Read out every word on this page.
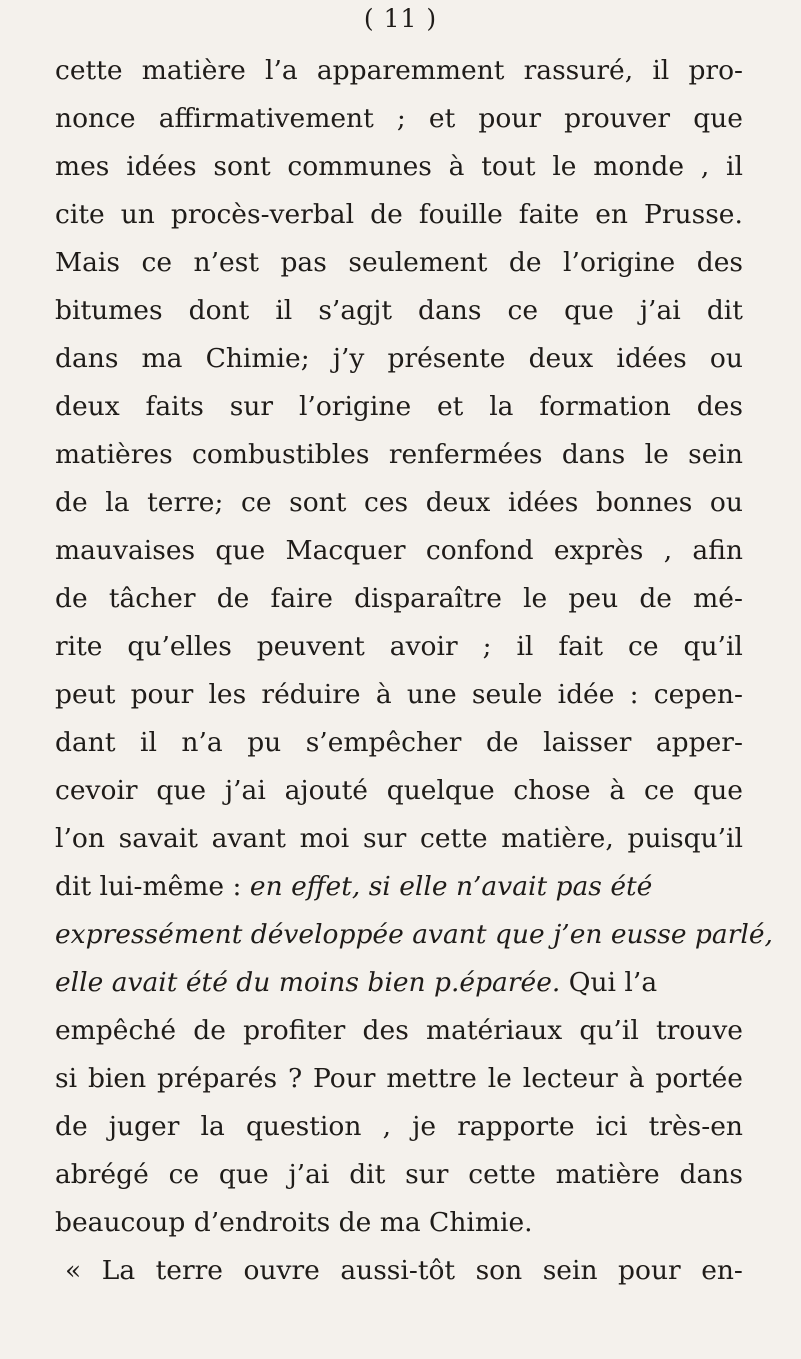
( 11 )
cette matière l’a apparemment rassuré, il pro-
nonce affirmativement ; et pour prouver que
mes idées sont communes à tout le monde , il
cite un procès-verbal de fouille faite en Prusse.
Mais ce n’est pas seulement de l’origine des
bitumes dont il s’agjt dans ce que j’ai dit
dans ma Chimie; j’y présente deux idées ou
deux faits sur l’origine et la formation des
matières combustibles renfermées dans le sein
de la terre; ce sont ces deux idées bonnes ou
mauvaises que Macquer confond exprès , afin
de tâcher de faire disparaître le peu de mé-
rite qu’elles peuvent avoir ; il fait ce qu’il
peut pour les réduire à une seule idée : cepen-
dant il n’a pu s’empêcher de laisser apper-
cevoir que j’ai ajouté quelque chose à ce que
l’on savait avant moi sur cette matière, puisqu’il
dit lui-même : en effet, si elle n’avait pas été
expressément développée avant que j’en eusse parlé,
elle avait été du moins bien p.éparée. Qui l’a
empêché de profiter des matériaux qu’il trouve
si bien préparés ? Pour mettre le lecteur à portée
de juger la question , je rapporte ici très-en
abrégé ce que j’ai dit sur cette matière dans
beaucoup d’endroits de ma Chimie.
« La terre ouvre aussi-tôt son sein pour en-
